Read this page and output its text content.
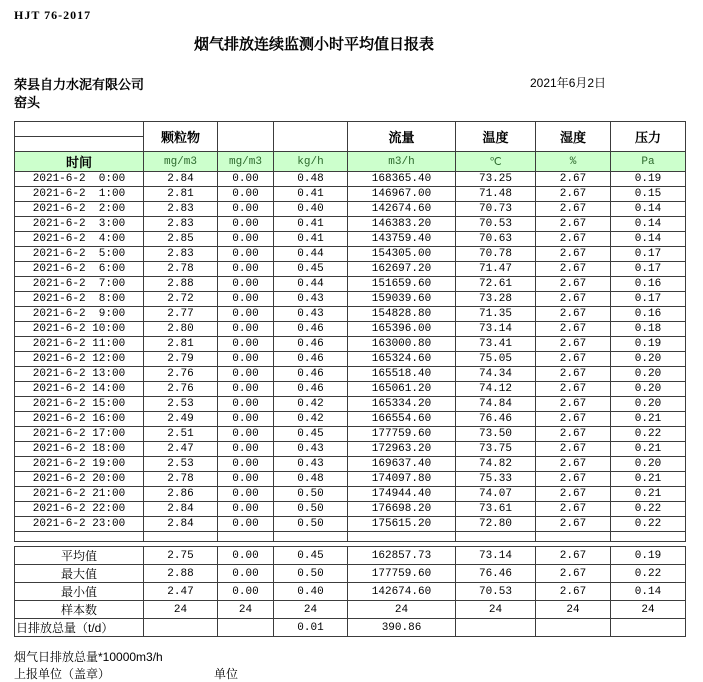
HJT 76-2017
烟气排放连续监测小时平均值日报表
荣县自力水泥有限公司	2021年6月2日
窑头
	颗粒物			流量	温度	湿度	压力

时间	mg/m3	mg/m3	kg/h	m3/h	℃	%	Pa
2021-6-2  0:00	2.84	0.00	0.48	168365.40	73.25	2.67	0.19
2021-6-2  1:00	2.81	0.00	0.41	146967.00	71.48	2.67	0.15
2021-6-2  2:00	2.83	0.00	0.40	142674.60	70.73	2.67	0.14
2021-6-2  3:00	2.83	0.00	0.41	146383.20	70.53	2.67	0.14
2021-6-2  4:00	2.85	0.00	0.41	143759.40	70.63	2.67	0.14
2021-6-2  5:00	2.83	0.00	0.44	154305.00	70.78	2.67	0.17
2021-6-2  6:00	2.78	0.00	0.45	162697.20	71.47	2.67	0.17
2021-6-2  7:00	2.88	0.00	0.44	151659.60	72.61	2.67	0.16
2021-6-2  8:00	2.72	0.00	0.43	159039.60	73.28	2.67	0.17
2021-6-2  9:00	2.77	0.00	0.43	154828.80	71.35	2.67	0.16
2021-6-2 10:00	2.80	0.00	0.46	165396.00	73.14	2.67	0.18
2021-6-2 11:00	2.81	0.00	0.46	163000.80	73.41	2.67	0.19
2021-6-2 12:00	2.79	0.00	0.46	165324.60	75.05	2.67	0.20
2021-6-2 13:00	2.76	0.00	0.46	165518.40	74.34	2.67	0.20
2021-6-2 14:00	2.76	0.00	0.46	165061.20	74.12	2.67	0.20
2021-6-2 15:00	2.53	0.00	0.42	165334.20	74.84	2.67	0.20
2021-6-2 16:00	2.49	0.00	0.42	166554.60	76.46	2.67	0.21
2021-6-2 17:00	2.51	0.00	0.45	177759.60	73.50	2.67	0.22
2021-6-2 18:00	2.47	0.00	0.43	172963.20	73.75	2.67	0.21
2021-6-2 19:00	2.53	0.00	0.43	169637.40	74.82	2.67	0.20
2021-6-2 20:00	2.78	0.00	0.48	174097.80	75.33	2.67	0.21
2021-6-2 21:00	2.86	0.00	0.50	174944.40	74.07	2.67	0.21
2021-6-2 22:00	2.84	0.00	0.50	176698.20	73.61	2.67	0.22
2021-6-2 23:00	2.84	0.00	0.50	175615.20	72.80	2.67	0.22

平均值	2.75	0.00	0.45	162857.73	73.14	2.67	0.19
最大值	2.88	0.00	0.50	177759.60	76.46	2.67	0.22
最小值	2.47	0.00	0.40	142674.60	70.53	2.67	0.14
样本数	24	24	24	24	24	24	24
日排放总量（t/d）			0.01	390.86			
烟气日排放总量*10000m3/h
上报单位（盖章）	单位
